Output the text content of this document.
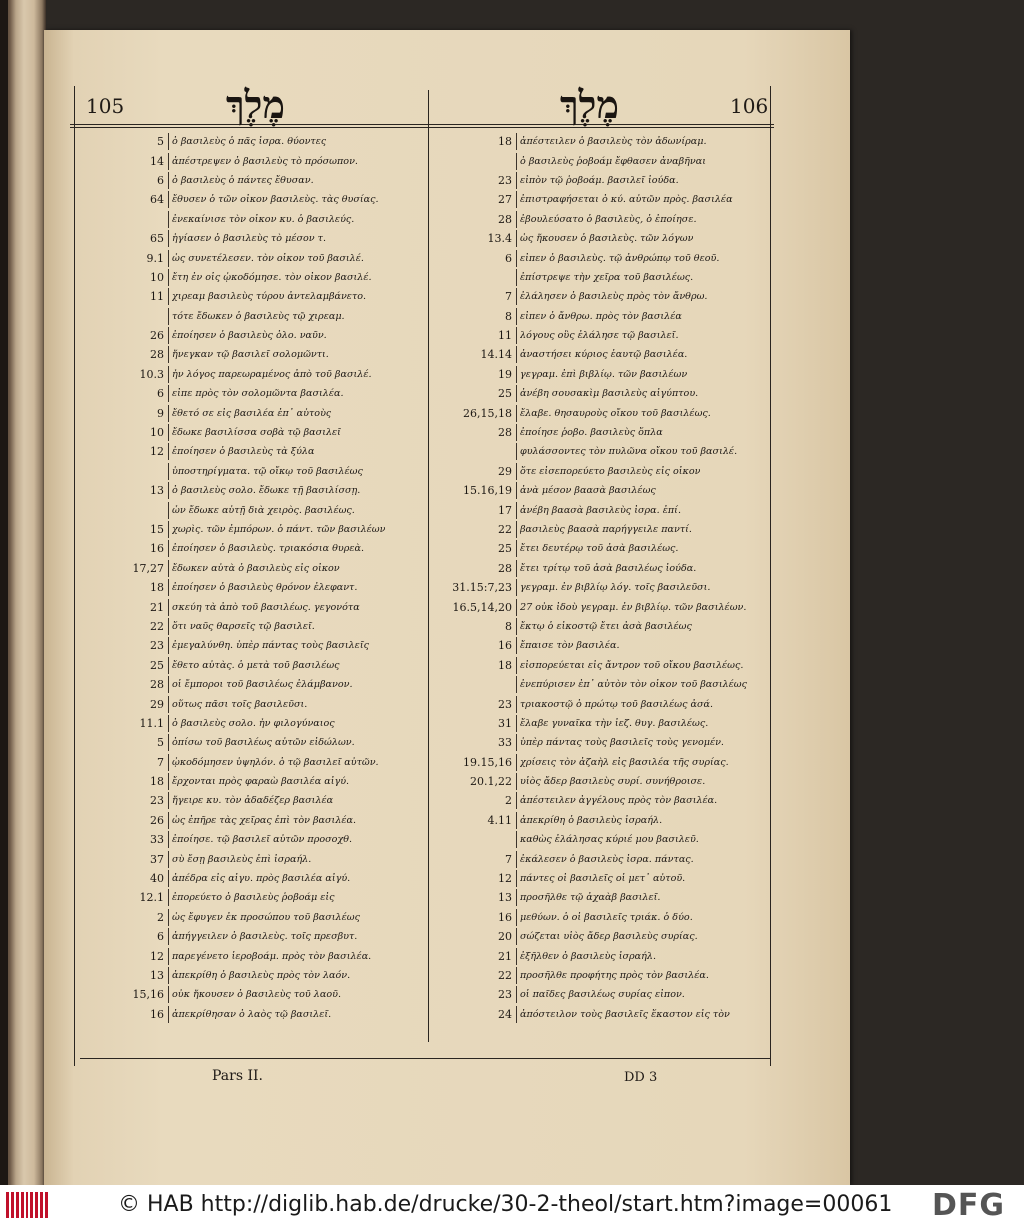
105	106
מֶלֶךְ	מֶלֶךְ
5 ὁ βασιλεὺς ὁ πᾶς ἰσρα. θύοντες
14 ἀπέστρεψεν ὁ βασιλεὺς τὸ πρόσωπον.
6 ὁ βασιλεὺς ὁ πάντες ἔθυσαν.
64 ἔθυσεν ὁ τῶν οἶκον βασιλεὺς. τὰς θυσίας.
ἐνεκαίνισε τὸν οἶκον κυ. ὁ βασιλεύς.
65 ἡγίασεν ὁ βασιλεὺς τὸ μέσον τ.
9.1 ὡς συνετέλεσεν. τὸν οἶκον τοῦ βασιλέ.
10 ἔτη ἐν οἷς ᾠκοδόμησε. τὸν οἶκον βασιλέ.
11 χιρεαμ βασιλεὺς τύρου ἀντελαμβάνετο.
τότε ἔδωκεν ὁ βασιλεὺς τῷ χιρεαμ.
26 ἐποίησεν ὁ βασιλεὺς ὁλο. ναῦν.
28 ἤνεγκαν τῷ βασιλεῖ σολομῶντι.
10.3 ἦν λόγος παρεωραμένος ἀπὸ τοῦ βασιλέ.
6 εἶπε πρὸς τὸν σολομῶντα βασιλέα.
9 ἔθετό σε εἰς βασιλέα ἐπ᾽ αὐτοὺς
10 ἔδωκε βασιλίσσα σοβὰ τῷ βασιλεῖ
12 ἐποίησεν ὁ βασιλεὺς τὰ ξύλα
ὑποστηρίγματα. τῷ οἴκῳ τοῦ βασιλέως
13 ὁ βασιλεὺς σολο. ἔδωκε τῇ βασιλίσσῃ.
ὧν ἔδωκε αὐτῇ διὰ χειρὸς. βασιλέως.
15 χωρὶς. τῶν ἐμπόρων. ὁ πάντ. τῶν βασιλέων
16 ἐποίησεν ὁ βασιλεὺς. τριακόσια θυρεὰ.
17,27 ἔδωκεν αὐτὰ ὁ βασιλεὺς εἰς οἶκον
18 ἐποίησεν ὁ βασιλεὺς θρόνον ἐλεφαντ.
21 σκεύη τὰ ἀπὸ τοῦ βασιλέως. γεγονότα
22 ὅτι ναῦς θαρσεῖς τῷ βασιλεῖ.
23 ἐμεγαλύνθη. ὑπὲρ πάντας τοὺς βασιλεῖς
25 ἔθετο αὐτὰς. ὁ μετὰ τοῦ βασιλέως
28 οἱ ἔμποροι τοῦ βασιλέως ἐλάμβανον.
29 οὕτως πᾶσι τοῖς βασιλεῦσι.
11.1 ὁ βασιλεὺς σολο. ἦν φιλογύναιος
5 ὀπίσω τοῦ βασιλέως αὐτῶν εἰδώλων.
7 ᾠκοδόμησεν ὑψηλόν. ὁ τῷ βασιλεῖ αὐτῶν.
18 ἔρχονται πρὸς φαραὼ βασιλέα αἰγύ.
23 ἤγειρε κυ. τὸν ἀδαδέζερ βασιλέα
26 ὡς ἐπῆρε τὰς χεῖρας ἐπὶ τὸν βασιλέα.
33 ἐποίησε. τῷ βασιλεῖ αὐτῶν προσοχθ.
37 σὺ ἔσῃ βασιλεὺς ἐπὶ ἰσραήλ.
40 ἀπέδρα εἰς αἰγυ. πρὸς βασιλέα αἰγύ.
12.1 ἐπορεύετο ὁ βασιλεὺς ῥοβοάμ εἰς
2 ὡς ἔφυγεν ἐκ προσώπου τοῦ βασιλέως
6 ἀπήγγειλεν ὁ βασιλεὺς. τοῖς πρεσβυτ.
12 παρεγένετο ἱεροβοάμ. πρὸς τὸν βασιλέα.
13 ἀπεκρίθη ὁ βασιλεὺς πρὸς τὸν λαόν.
15,16 οὐκ ἤκουσεν ὁ βασιλεὺς τοῦ λαοῦ.
16 ἀπεκρίθησαν ὁ λαὸς τῷ βασιλεῖ.
18 ἀπέστειλεν ὁ βασιλεὺς τὸν ἀδωνίραμ.
ὁ βασιλεὺς ῥοβοάμ ἔφθασεν ἀναβῆναι
23 εἰπὸν τῷ ῥοβοάμ. βασιλεῖ ἰούδα.
27 ἐπιστραφήσεται ὁ κύ. αὐτῶν πρὸς. βασιλέα
28 ἐβουλεύσατο ὁ βασιλεὺς, ὁ ἐποίησε.
13.4 ὡς ἤκουσεν ὁ βασιλεὺς. τῶν λόγων
6 εἶπεν ὁ βασιλεὺς. τῷ ἀνθρώπῳ τοῦ θεοῦ.
ἐπίστρεψε τὴν χεῖρα τοῦ βασιλέως.
7 ἐλάλησεν ὁ βασιλεὺς πρὸς τὸν ἄνθρω.
8 εἶπεν ὁ ἄνθρω. πρὸς τὸν βασιλέα
11 λόγους οὓς ἐλάλησε τῷ βασιλεῖ.
14.14 ἀναστήσει κύριος ἑαυτῷ βασιλέα.
19 γεγραμ. ἐπὶ βιβλίῳ. τῶν βασιλέων
25 ἀνέβη σουσακὶμ βασιλεὺς αἰγύπτου.
26,15,18 ἔλαβε. θησαυροὺς οἴκου τοῦ βασιλέως.
28 ἐποίησε ῥοβο. βασιλεὺς ὅπλα
φυλάσσοντες τὸν πυλῶνα οἴκου τοῦ βασιλέ.
29 ὅτε εἰσεπορεύετο βασιλεὺς εἰς οἶκον
15.16,19 ἀνὰ μέσον βαασὰ βασιλέως
17 ἀνέβη βαασὰ βασιλεὺς ἰσρα. ἐπί.
22 βασιλεὺς βαασὰ παρήγγειλε παντί.
25 ἔτει δευτέρῳ τοῦ ἀσὰ βασιλέως.
28 ἔτει τρίτῳ τοῦ ἀσὰ βασιλέως ἰούδα.
31.15:7,23 γεγραμ. ἐν βιβλίῳ λόγ. τοῖς βασιλεῦσι.
16.5,14,20 27 οὐκ ἰδοὺ γεγραμ. ἐν βιβλίῳ. τῶν βασιλέων.
8 ἔκτῳ ὁ εἰκοστῷ ἔτει ἀσὰ βασιλέως
16 ἔπαισε τὸν βασιλέα.
18 εἰσπορεύεται εἰς ἄντρον τοῦ οἴκου βασιλέως.
ἐνεπύρισεν ἐπ᾽ αὐτὸν τὸν οἶκον τοῦ βασιλέως
23 τριακοστῷ ὁ πρώτῳ τοῦ βασιλέως ἀσά.
31 ἔλαβε γυναῖκα τὴν ἰεζ. θυγ. βασιλέως.
33 ὑπὲρ πάντας τοὺς βασιλεῖς τοὺς γενομέν.
19.15,16 χρίσεις τὸν ἀζαὴλ εἰς βασιλέα τῆς συρίας.
20.1,22 υἱὸς ἄδερ βασιλεὺς συρί. συνήθροισε.
2 ἀπέστειλεν ἀγγέλους πρὸς τὸν βασιλέα.
4.11 ἀπεκρίθη ὁ βασιλεὺς ἰσραήλ.
καθὼς ἐλάλησας κύριέ μου βασιλεῦ.
7 ἐκάλεσεν ὁ βασιλεὺς ἰσρα. πάντας.
12 πάντες οἱ βασιλεῖς οἱ μετ᾽ αὐτοῦ.
13 προσῆλθε τῷ ἀχαὰβ βασιλεῖ.
16 μεθύων. ὁ οἱ βασιλεῖς τριάκ. ὁ δύο.
20 σώζεται υἱὸς ἄδερ βασιλεὺς συρίας.
21 ἐξῆλθεν ὁ βασιλεὺς ἰσραήλ.
22 προσῆλθε προφήτης πρὸς τὸν βασιλέα.
23 οἱ παῖδες βασιλέως συρίας εἶπον.
24 ἀπόστειλον τοὺς βασιλεῖς ἕκαστον εἰς τὸν
Pars II.	DD 3
© HAB http://diglib.hab.de/drucke/30-2-theol/start.htm?image=00061 DFG
